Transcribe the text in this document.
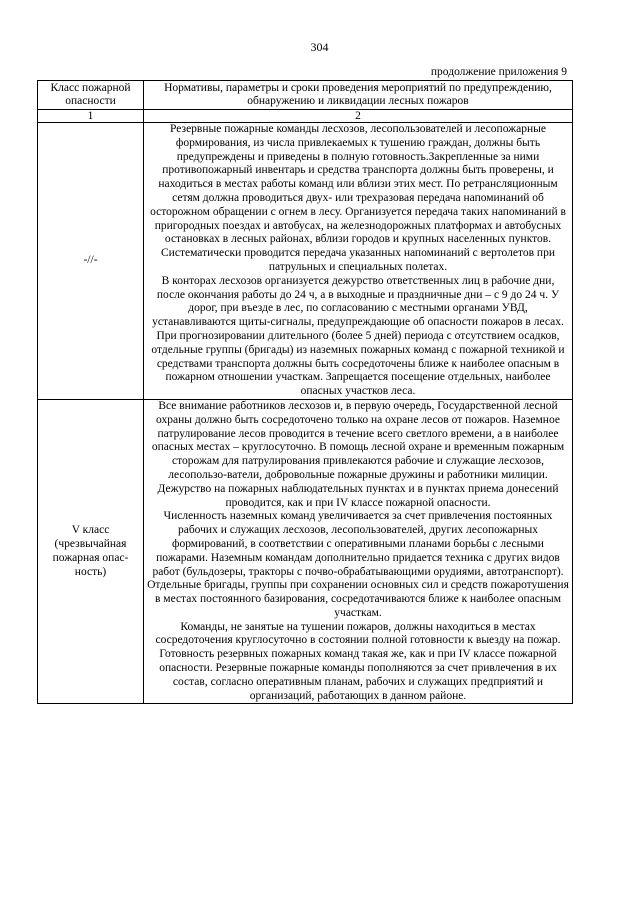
304
продолжение приложения 9
Класс пожарной опасности	Нормативы, параметры и сроки проведения мероприятий по предупреждению, обнаружению и ликвидации лесных пожаров
1	2
-//-	Резервные пожарные команды лесхозов, лесопользователей и лесопожарные формирования, из числа привлекаемых к тушению граждан, должны быть предупреждены и приведены в полную готовность.Закрепленные за ними противопожарный инвентарь и средства транспорта должны быть проверены, и находиться в местах работы команд или вблизи этих мест. По ретрансляционным сетям должна проводиться двух- или трехразовая передача напоминаний об осторожном обращении с огнем в лесу. Организуется передача таких напоминаний в пригородных поездах и автобусах, на железнодорожных платформах и автобусных остановках в лесных районах, вблизи городов и крупных населенных пунктов. Систематически проводится передача указанных напоминаний с вертолетов при патрульных и специальных полетах.

В конторах лесхозов организуется дежурство ответственных лиц в рабочие дни, после окончания работы до 24 ч, а в выходные и праздничные дни – с 9 до 24 ч. У дорог, при въезде в лес, по согласованию с местными органами УВД, устанавливаются щиты-сигналы, предупреждающие об опасности пожаров в лесах. При прогнозировании длительного (более 5 дней) периода с отсутствием осадков, отдельные группы (бригады) из наземных пожарных команд с пожарной техникой и средствами транспорта должны быть сосредоточены ближе к наиболее опасным в пожарном отношении участкам. Запрещается посещение отдельных, наиболее опасных участков леса.

V класс (чрезвычайная пожарная опас-ность)	Все внимание работников лесхозов и, в первую очередь, Государственной лесной охраны должно быть сосредоточено только на охране лесов от пожаров. Наземное патрулирование лесов проводится в течение всего светлого времени, а в наиболее опасных местах – круглосуточно. В помощь лесной охране и временным пожарным сторожам для патрулирования привлекаются рабочие и служащие лесхозов, лесопользо-ватели, добровольные пожарные дружины и работники милиции.

Дежурство на пожарных наблюдательных пунктах и в пунктах приема донесений проводится, как и при IV классе пожарной опасности.

Численность наземных команд увеличивается за счет привлечения постоянных рабочих и служащих лесхозов, лесопользователей, других лесопожарных формирований, в соответствии с оперативными планами борьбы с лесными пожарами. Наземным командам дополнительно придается техника с других видов работ (бульдозеры, тракторы с почво-обрабатывающими орудиями, автотранспорт). Отдельные бригады, группы при сохранении основных сил и средств пожаротушения в местах постоянного базирования, сосредотачиваются ближе к наиболее опасным участкам.

Команды, не занятые на тушении пожаров, должны находиться в местах сосредоточения круглосуточно в состоянии полной готовности к выезду на пожар.

Готовность резервных пожарных команд такая же, как и при IV классе пожарной опасности. Резервные пожарные команды пополняются за счет привлечения в их состав, согласно оперативным планам, рабочих и служащих предприятий и организаций, работающих в данном районе.
